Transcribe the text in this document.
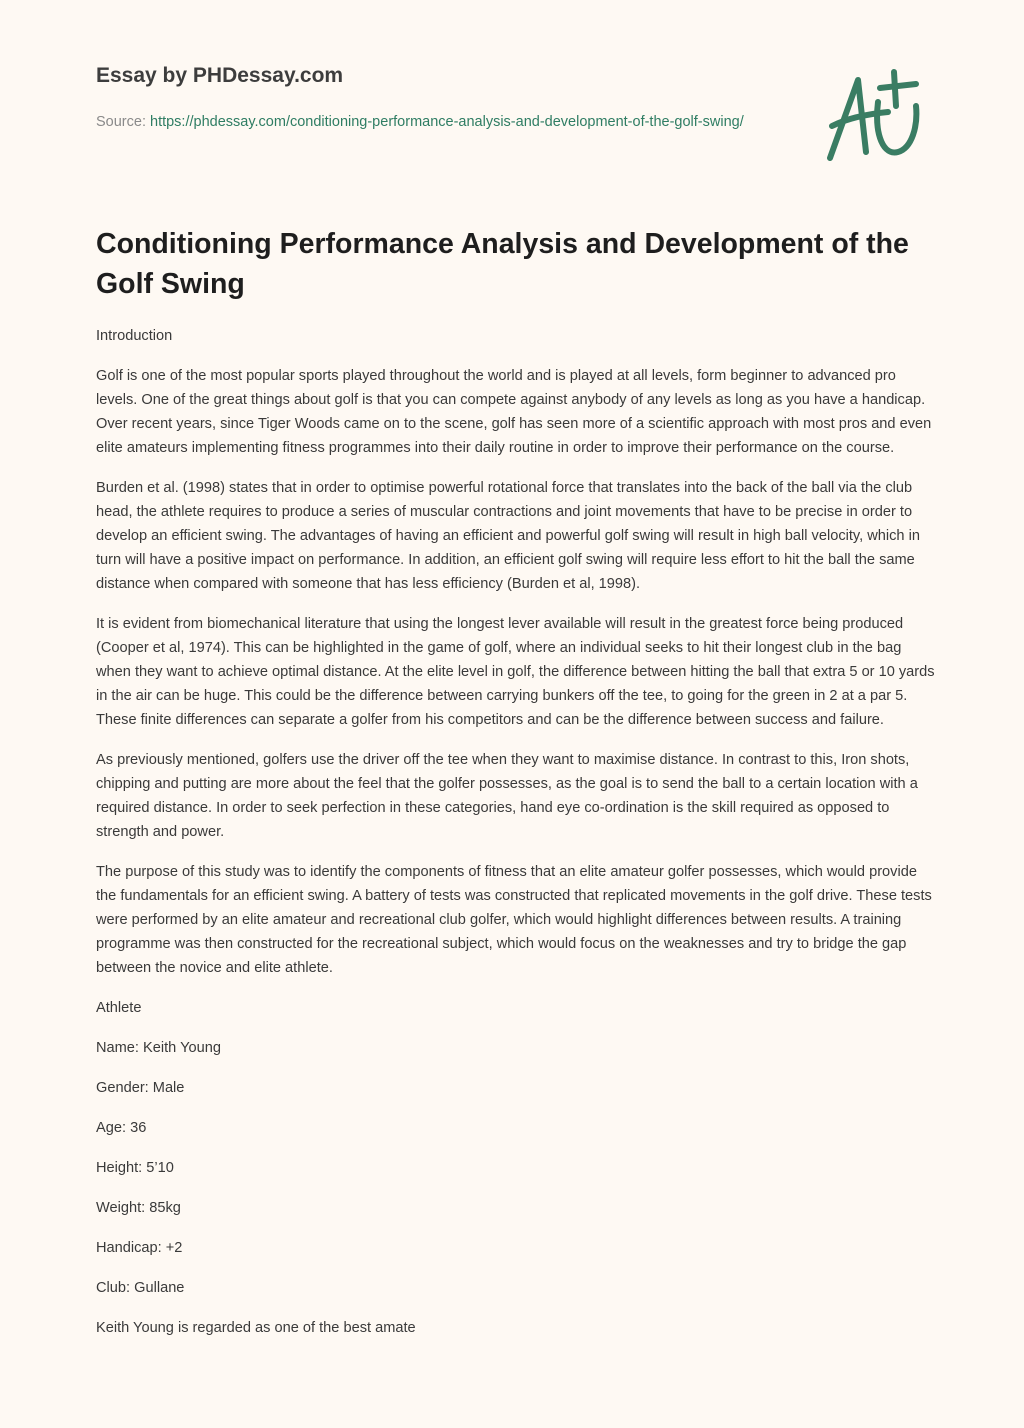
Essay by PHDessay.com
Source: https://phdessay.com/conditioning-performance-analysis-and-development-of-the-golf-swing/
Conditioning Performance Analysis and Development of the Golf Swing

Introduction

Golf is one of the most popular sports played throughout the world and is played at all levels, form beginner to advanced pro levels. One of the great things about golf is that you can compete against anybody of any levels as long as you have a handicap. Over recent years, since Tiger Woods came on to the scene, golf has seen more of a scientific approach with most pros and even elite amateurs implementing fitness programmes into their daily routine in order to improve their performance on the course.

Burden et al. (1998) states that in order to optimise powerful rotational force that translates into the back of the ball via the club head, the athlete requires to produce a series of muscular contractions and joint movements that have to be precise in order to develop an efficient swing. The advantages of having an efficient and powerful golf swing will result in high ball velocity, which in turn will have a positive impact on performance. In addition, an efficient golf swing will require less effort to hit the ball the same distance when compared with someone that has less efficiency (Burden et al, 1998).

It is evident from biomechanical literature that using the longest lever available will result in the greatest force being produced (Cooper et al, 1974). This can be highlighted in the game of golf, where an individual seeks to hit their longest club in the bag when they want to achieve optimal distance. At the elite level in golf, the difference between hitting the ball that extra 5 or 10 yards in the air can be huge. This could be the difference between carrying bunkers off the tee, to going for the green in 2 at a par 5. These finite differences can separate a golfer from his competitors and can be the difference between success and failure.

As previously mentioned, golfers use the driver off the tee when they want to maximise distance. In contrast to this, Iron shots, chipping and putting are more about the feel that the golfer possesses, as the goal is to send the ball to a certain location with a required distance. In order to seek perfection in these categories, hand eye co-ordination is the skill required as opposed to strength and power.

The purpose of this study was to identify the components of fitness that an elite amateur golfer possesses, which would provide the fundamentals for an efficient swing. A battery of tests was constructed that replicated movements in the golf drive. These tests were performed by an elite amateur and recreational club golfer, which would highlight differences between results. A training programme was then constructed for the recreational subject, which would focus on the weaknesses and try to bridge the gap between the novice and elite athlete.

Athlete

Name: Keith Young

Gender: Male

Age: 36

Height: 5’10

Weight: 85kg

Handicap: +2

Club: Gullane

Keith Young is regarded as one of the best amate
